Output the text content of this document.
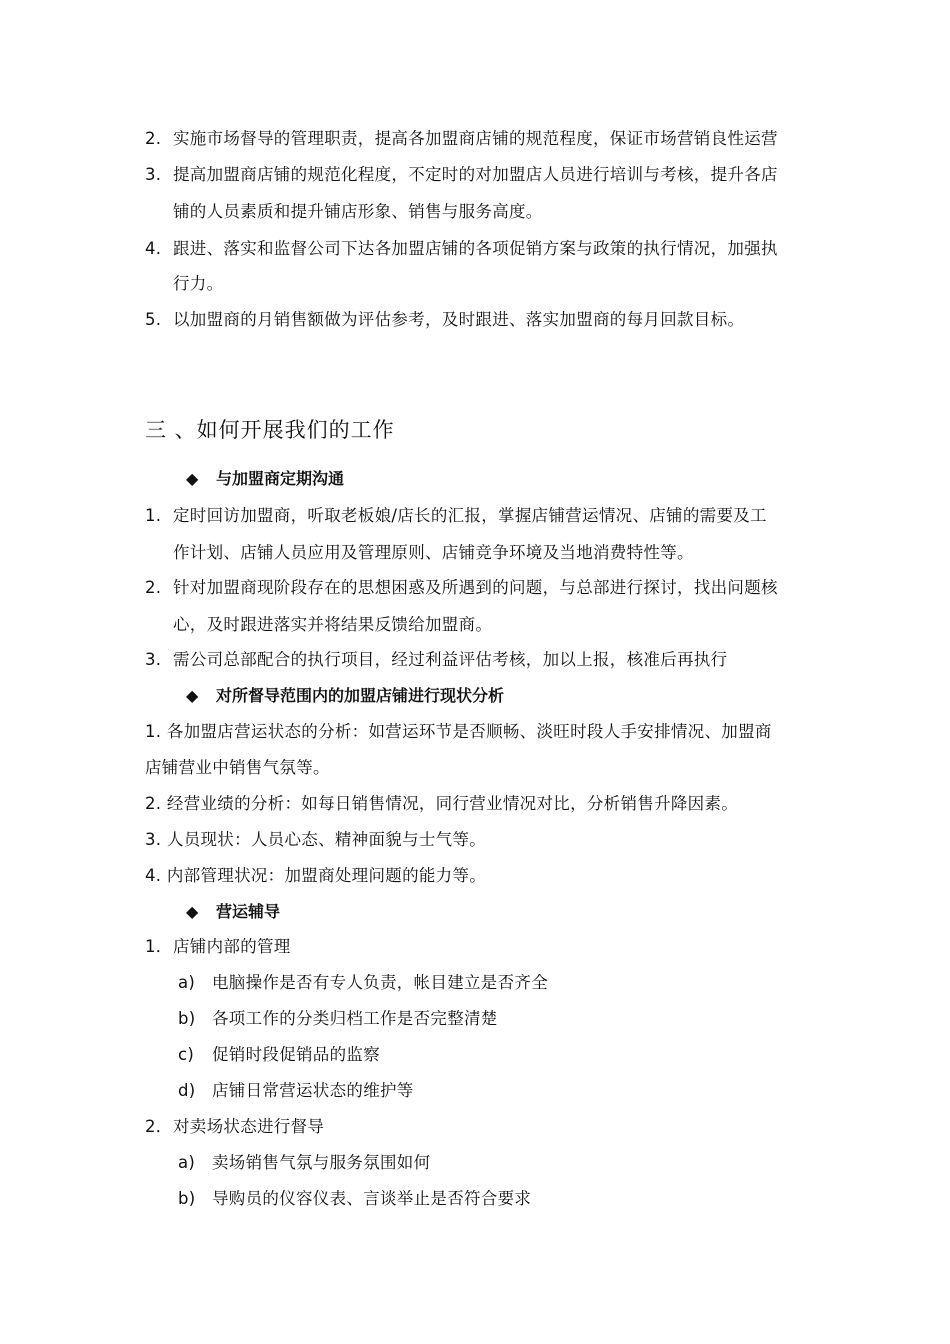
2. 实施市场督导的管理职责，提高各加盟商店铺的规范程度，保证市场营销良性运营
3. 提高加盟商店铺的规范化程度，不定时的对加盟店人员进行培训与考核，提升各店
铺的人员素质和提升铺店形象、销售与服务高度。
4. 跟进、落实和监督公司下达各加盟店铺的各项促销方案与政策的执行情况，加强执
行力。
5. 以加盟商的月销售额做为评估参考，及时跟进、落实加盟商的每月回款目标。
三 、如何开展我们的工作
◆ 与加盟商定期沟通
1. 定时回访加盟商，听取老板娘/店长的汇报，掌握店铺营运情况、店铺的需要及工
作计划、店铺人员应用及管理原则、店铺竞争环境及当地消费特性等。
2. 针对加盟商现阶段存在的思想困惑及所遇到的问题，与总部进行探讨，找出问题核
心，及时跟进落实并将结果反馈给加盟商。
3. 需公司总部配合的执行项目，经过利益评估考核，加以上报，核准后再执行
◆ 对所督导范围内的加盟店铺进行现状分析
1. 各加盟店营运状态的分析：如营运环节是否顺畅、淡旺时段人手安排情况、加盟商
店铺营业中销售气氛等。
2. 经营业绩的分析：如每日销售情况，同行营业情况对比，分析销售升降因素。
3. 人员现状：人员心态、精神面貌与士气等。
4. 内部管理状况：加盟商处理问题的能力等。
◆ 营运辅导
1． 店铺内部的管理
a) 电脑操作是否有专人负责，帐目建立是否齐全
b) 各项工作的分类归档工作是否完整清楚
c) 促销时段促销品的监察
d) 店铺日常营运状态的维护等
2． 对卖场状态进行督导
a) 卖场销售气氛与服务氛围如何
b) 导购员的仪容仪表、言谈举止是否符合要求
